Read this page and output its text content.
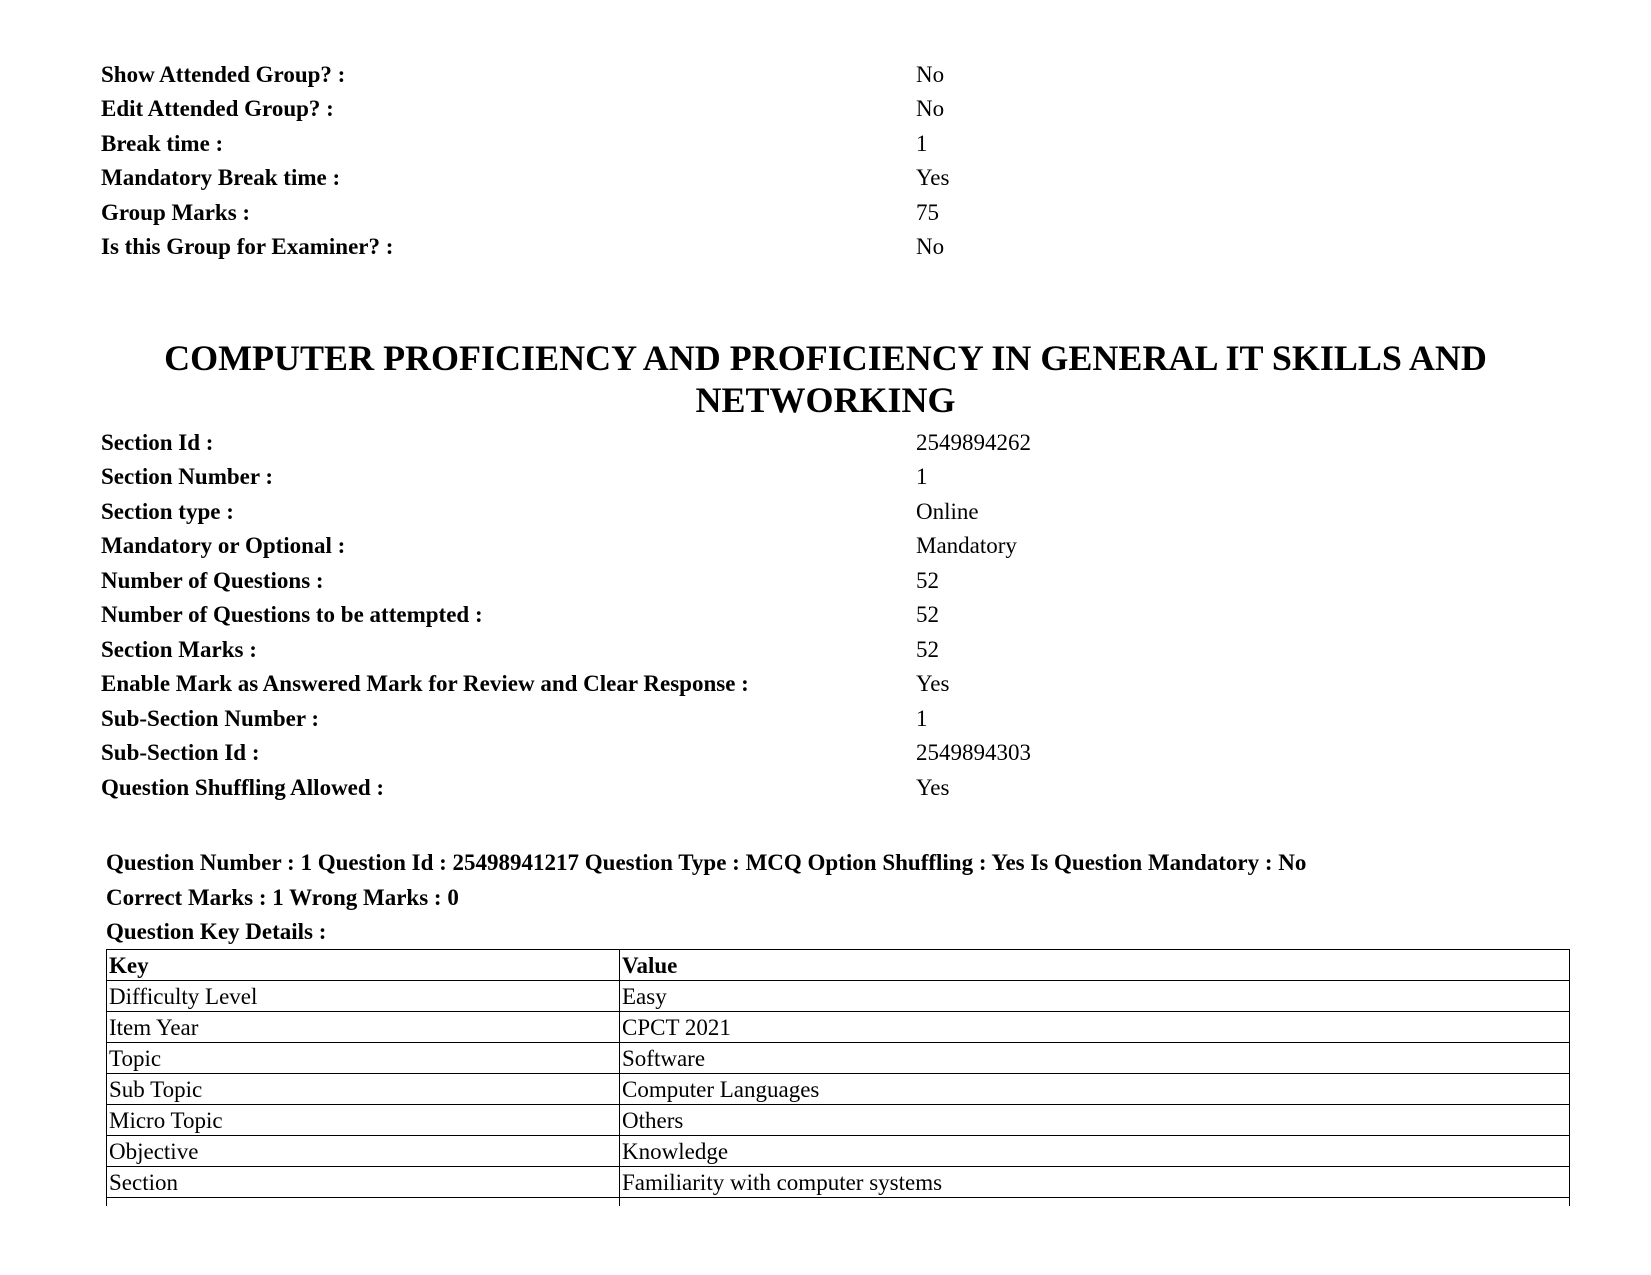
Show Attended Group? :	No
Edit Attended Group? :	No
Break time :	1
Mandatory Break time :	Yes
Group Marks :	75
Is this Group for Examiner? :	No
COMPUTER PROFICIENCY AND PROFICIENCY IN GENERAL IT SKILLS AND
NETWORKING
Section Id :	2549894262
Section Number :	1
Section type :	Online
Mandatory or Optional :	Mandatory
Number of Questions :	52
Number of Questions to be attempted :	52
Section Marks :	52
Enable Mark as Answered Mark for Review and Clear Response :	Yes
Sub-Section Number :	1
Sub-Section Id :	2549894303
Question Shuffling Allowed :	Yes
Question Number : 1 Question Id : 25498941217 Question Type : MCQ Option Shuffling : Yes Is Question Mandatory : No
Correct Marks : 1 Wrong Marks : 0
Question Key Details :
Key	Value
Difficulty Level	Easy
Item Year	CPCT 2021
Topic	Software
Sub Topic	Computer Languages
Micro Topic	Others
Objective	Knowledge
Section	Familiarity with computer systems
